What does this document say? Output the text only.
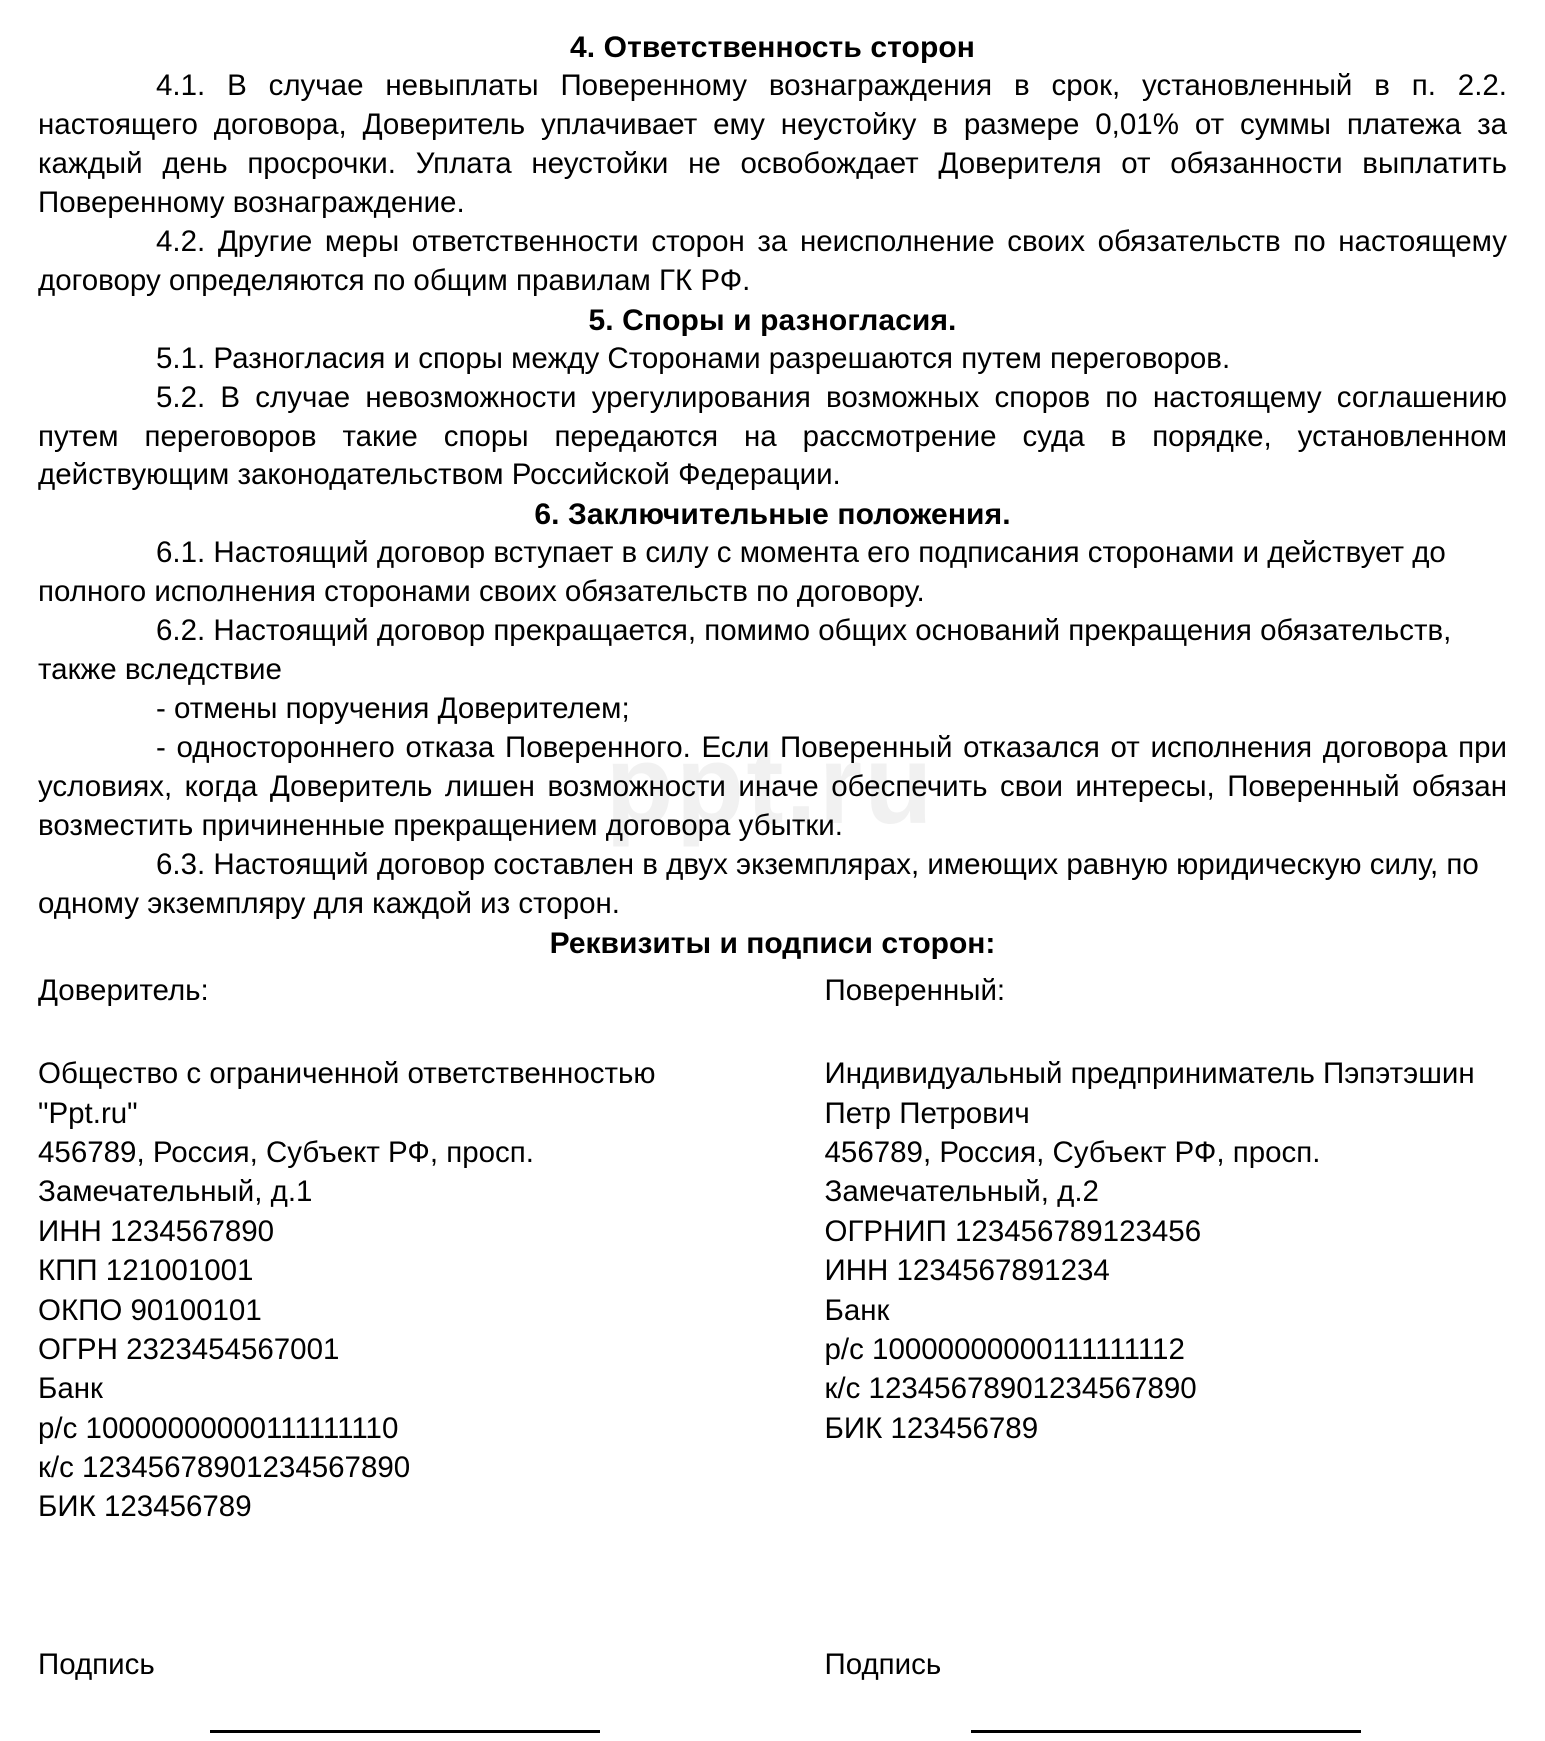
ppt.ru
4. Ответственность сторон

4.1. В случае невыплаты Поверенному вознаграждения в срок, установленный в п. 2.2. настоящего договора, Доверитель уплачивает ему неустойку в размере 0,01% от суммы платежа за каждый день просрочки. Уплата неустойки не освобождает Доверителя от обязанности выплатить Поверенному вознаграждение.

4.2. Другие меры ответственности сторон за неисполнение своих обязательств по настоящему договору определяются по общим правилам ГК РФ.

5. Споры и разногласия.

5.1. Разногласия и споры между Сторонами разрешаются путем переговоров.

5.2. В случае невозможности урегулирования возможных споров по настоящему соглашению путем переговоров такие споры передаются на рассмотрение суда в порядке, установленном действующим законодательством Российской Федерации.

6. Заключительные положения.

6.1. Настоящий договор вступает в силу с момента его подписания сторонами и действует до полного исполнения сторонами своих обязательств по договору.

6.2. Настоящий договор прекращается, помимо общих оснований прекращения обязательств, также вследствие

- отмены поручения Доверителем;

- одностороннего отказа Поверенного. Если Поверенный отказался от исполнения договора при условиях, когда Доверитель лишен возможности иначе обеспечить свои интересы, Поверенный обязан возместить причиненные прекращением договора убытки.

6.3. Настоящий договор составлен в двух экземплярах, имеющих равную юридическую силу, по одному экземпляру для каждой из сторон.

Реквизиты и подписи сторон:

Доверитель:

Общество с ограниченной ответственностью

"Ppt.ru"

456789, Россия, Субъект РФ, просп.

Замечательный, д.1

ИНН 1234567890

КПП 121001001

ОКПО 90100101

ОГРН 2323454567001

Банк

р/с 10000000000111111110

к/с 12345678901234567890

БИК 123456789

Поверенный:

Индивидуальный предприниматель Пэпэтэшин

Петр Петрович

456789, Россия, Субъект РФ, просп.

Замечательный, д.2

ОГРНИП 123456789123456

ИНН 1234567891234

Банк

р/с 10000000000111111112

к/с 12345678901234567890

БИК 123456789

Подпись	Подпись
